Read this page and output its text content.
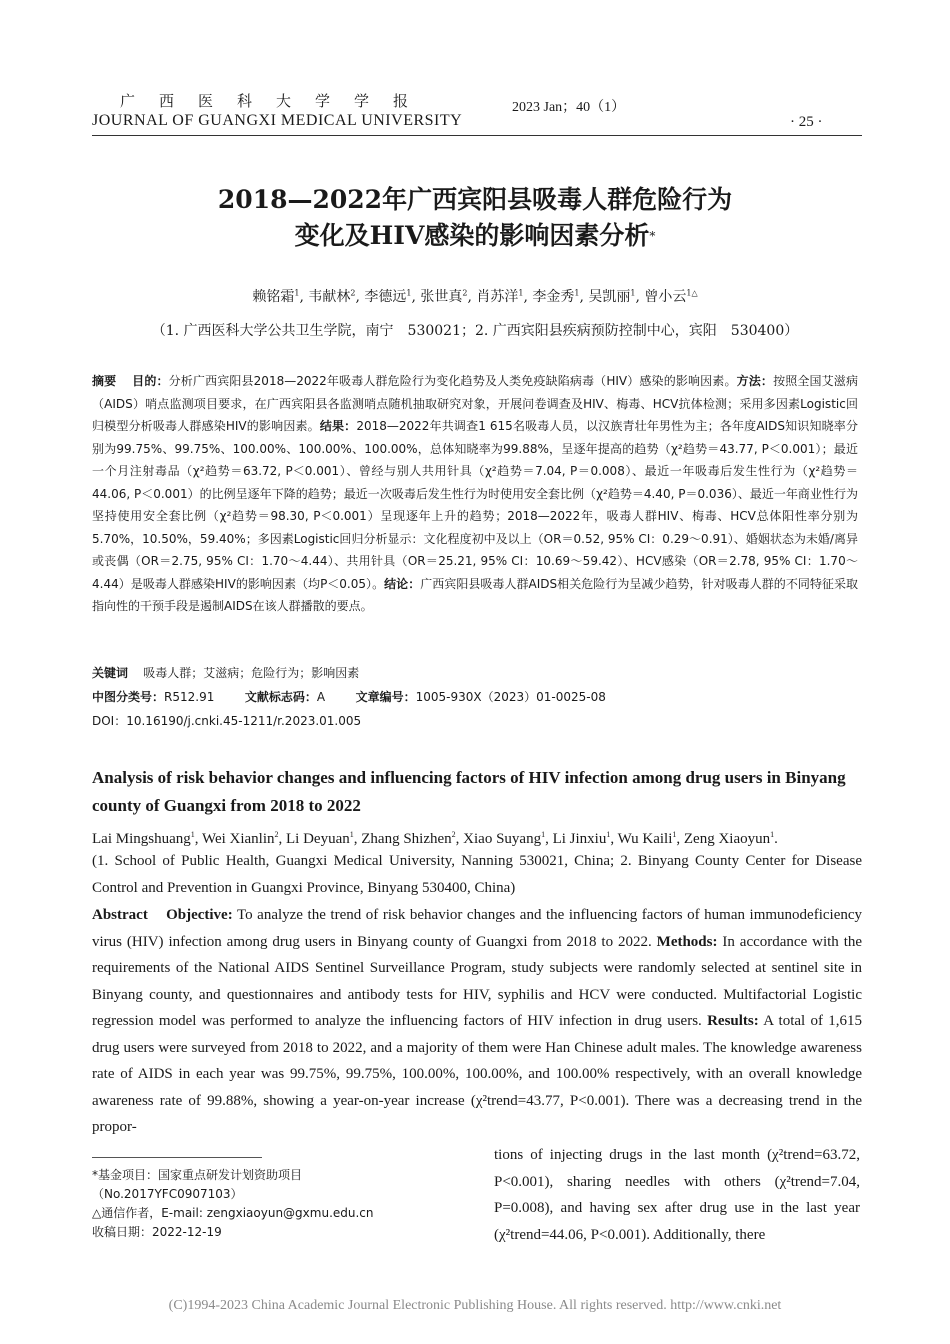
广西医科大学学报
JOURNAL OF GUANGXI MEDICAL UNIVERSITY
2023 Jan；40（1）
· 25 ·
2018—2022年广西宾阳县吸毒人群危险行为
变化及HIV感染的影响因素分析*
赖铭霜$^1$, 韦献林$^2$, 李德远$^1$, 张世真$^2$, 肖苏洋$^1$, 李金秀$^1$, 吴凯丽$^1$, 曾小云$^{1\triangle}$
（1. 广西医科大学公共卫生学院，南宁　530021；2. 广西宾阳县疾病预防控制中心，宾阳　530400）
摘要 目的：分析广西宾阳县2018—2022年吸毒人群危险行为变化趋势及人类免疫缺陷病毒（HIV）感染的影响因素。方法：按照全国艾滋病（AIDS）哨点监测项目要求，在广西宾阳县各监测哨点随机抽取研究对象，开展问卷调查及HIV、梅毒、HCV抗体检测；采用多因素Logistic回归模型分析吸毒人群感染HIV的影响因素。结果：2018—2022年共调查1 615名吸毒人员，以汉族青壮年男性为主；各年度AIDS知识知晓率分别为99.75%、99.75%、100.00%、100.00%、100.00%，总体知晓率为99.88%，呈逐年提高的趋势（χ²趋势＝43.77, P＜0.001）；最近一个月注射毒品（χ²趋势＝63.72, P＜0.001）、曾经与别人共用针具（χ²趋势＝7.04, P＝0.008）、最近一年吸毒后发生性行为（χ²趋势＝44.06, P＜0.001）的比例呈逐年下降的趋势；最近一次吸毒后发生性行为时使用安全套比例（χ²趋势＝4.40, P＝0.036）、最近一年商业性行为坚持使用安全套比例（χ²趋势＝98.30, P＜0.001）呈现逐年上升的趋势；2018—2022年，吸毒人群HIV、梅毒、HCV总体阳性率分别为5.70%，10.50%，59.40%；多因素Logistic回归分析显示：文化程度初中及以上（OR＝0.52, 95% CI：0.29～0.91）、婚姻状态为未婚/离异或丧偶（OR＝2.75, 95% CI：1.70～4.44）、共用针具（OR＝25.21, 95% CI：10.69～59.42）、HCV感染（OR＝2.78, 95% CI：1.70～4.44）是吸毒人群感染HIV的影响因素（均P＜0.05）。结论：广西宾阳县吸毒人群AIDS相关危险行为呈减少趋势，针对吸毒人群的不同特征采取指向性的干预手段是遏制AIDS在该人群播散的要点。
关键词 吸毒人群；艾滋病；危险行为；影响因素
中图分类号：R512.91	文献标志码：A	文章编号：1005-930X（2023）01-0025-08
DOI：10.16190/j.cnki.45-1211/r.2023.01.005
Analysis of risk behavior changes and influencing factors of HIV infection among drug users in Binyang county of Guangxi from 2018 to 2022
Lai Mingshuang$^1$, Wei Xianlin$^2$, Li Deyuan$^1$, Zhang Shizhen$^2$, Xiao Suyang$^1$, Li Jinxiu$^1$, Wu Kaili$^1$, Zeng Xiaoyun$^1$.
(1. School of Public Health, Guangxi Medical University, Nanning 530021, China; 2. Binyang County Center for Disease Control and Prevention in Guangxi Province, Binyang 530400, China)
Abstract Objective: To analyze the trend of risk behavior changes and the influencing factors of human immunodeficiency virus (HIV) infection among drug users in Binyang county of Guangxi from 2018 to 2022. Methods: In accordance with the requirements of the National AIDS Sentinel Surveillance Program, study subjects were randomly selected at sentinel site in Binyang county, and questionnaires and antibody tests for HIV, syphilis and HCV were conducted. Multifactorial Logistic regression model was performed to analyze the influencing factors of HIV infection in drug users. Results: A total of 1,615 drug users were surveyed from 2018 to 2022, and a majority of them were Han Chinese adult males. The knowledge awareness rate of AIDS in each year was 99.75%, 99.75%, 100.00%, 100.00%, and 100.00% respectively, with an overall knowledge awareness rate of 99.88%, showing a year-on-year increase (χ²trend=43.77, P<0.001). There was a decreasing trend in the propor-
tions of injecting drugs in the last month (χ²trend=63.72, P<0.001), sharing needles with others (χ²trend=7.04, P=0.008), and having sex after drug use in the last year (χ²trend=44.06, P<0.001). Additionally, there
*基金项目：国家重点研发计划资助项目
（No.2017YFC0907103）
△通信作者，E-mail: zengxiaoyun@gxmu.edu.cn
收稿日期：2022-12-19
(C)1994-2023 China Academic Journal Electronic Publishing House. All rights reserved. http://www.cnki.net
